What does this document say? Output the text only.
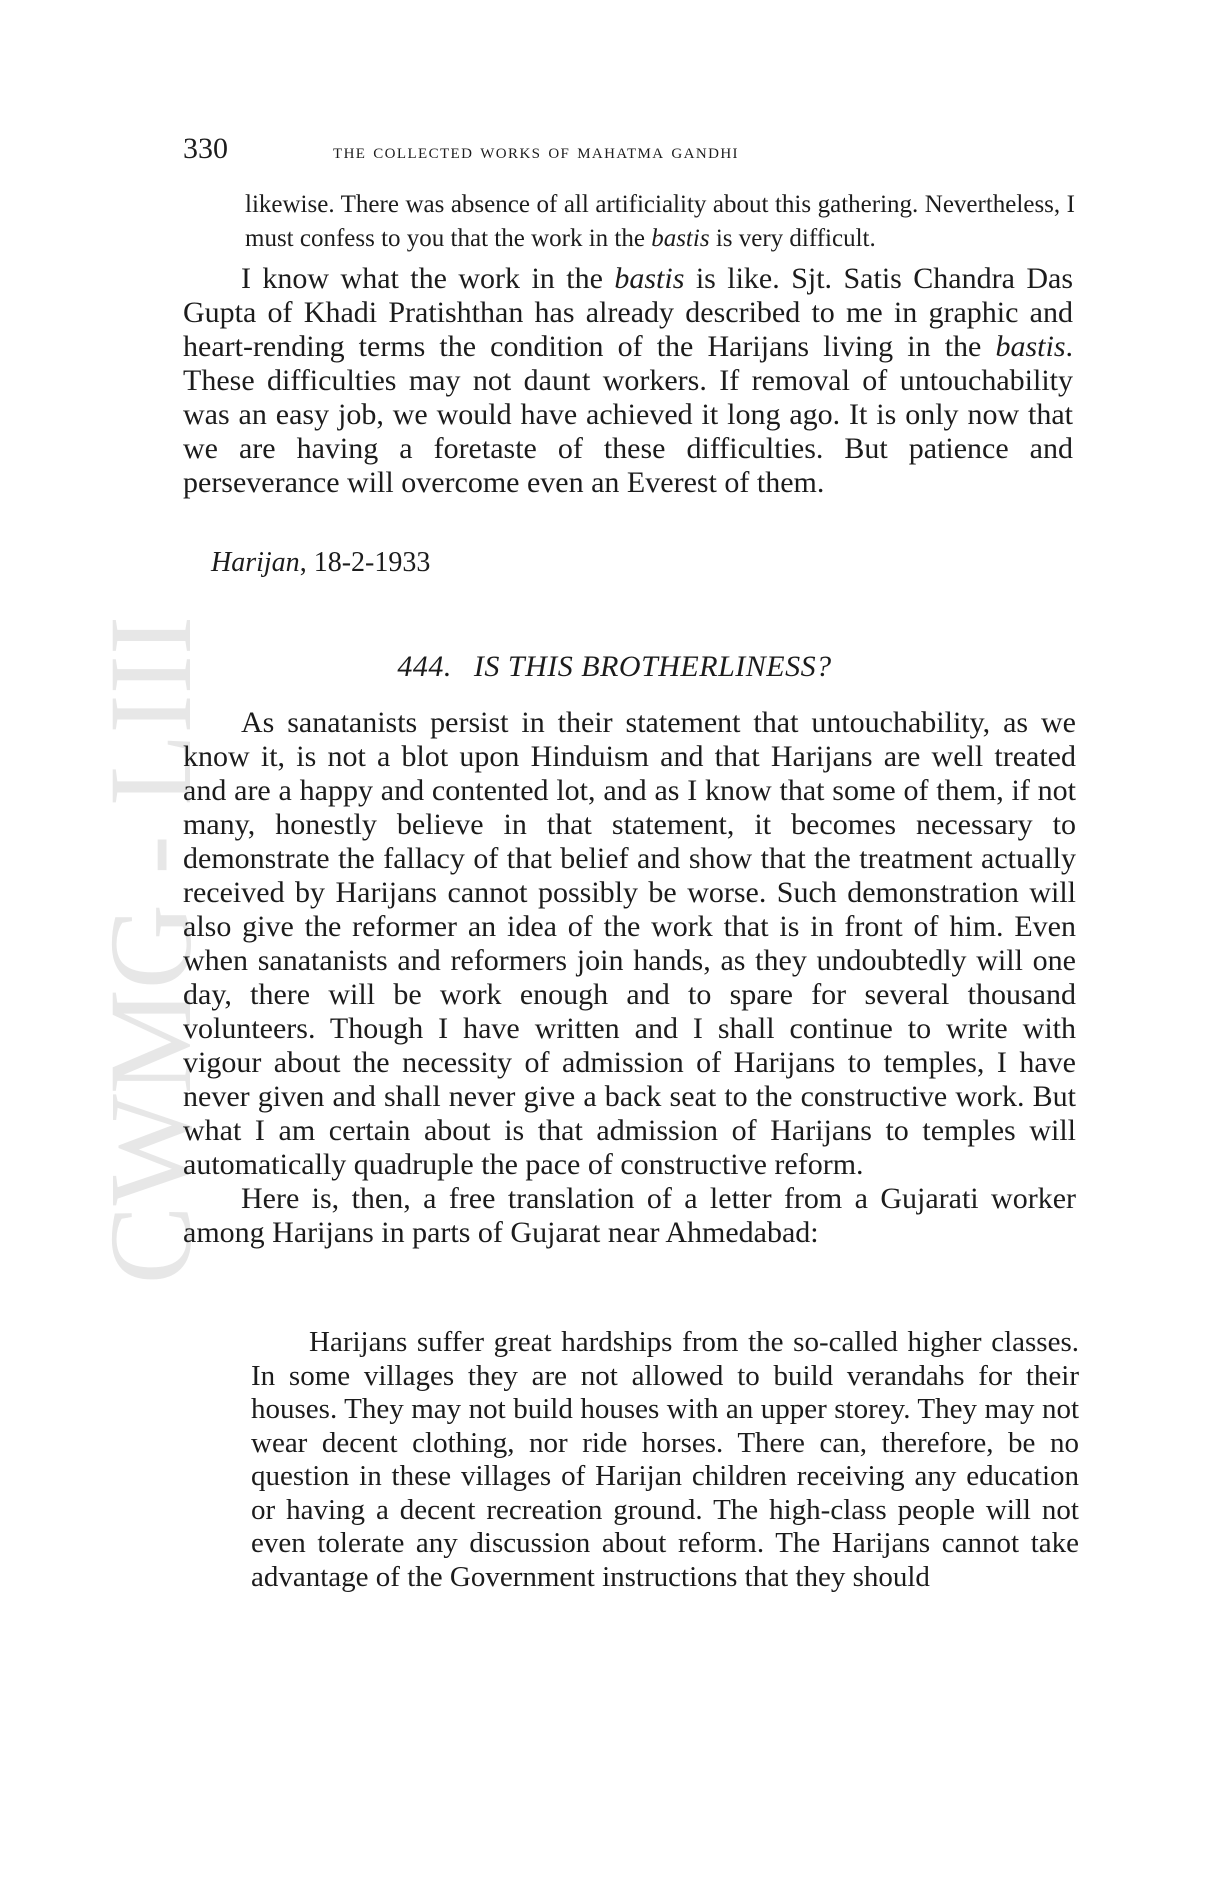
CWMG - LIII
330	the collected works of mahatma gandhi

likewise. There was absence of all artificiality about this gathering. Nevertheless, I must confess to you that the work in the bastis is very difficult.

I know what the work in the bastis is like. Sjt. Satis Chandra Das Gupta of Khadi Pratishthan has already described to me in graphic and heart-rending terms the condition of the Harijans living in the bastis. These difficulties may not daunt workers. If removal of untouchability was an easy job, we would have achieved it long ago. It is only now that we are having a foretaste of these difficulties. But patience and perseverance will overcome even an Everest of them.

Harijan, 18-2-1933
444. IS THIS BROTHERLINESS?

As sanatanists persist in their statement that untouchability, as we know it, is not a blot upon Hinduism and that Harijans are well treated and are a happy and contented lot, and as I know that some of them, if not many, honestly believe in that statement, it becomes necessary to demonstrate the fallacy of that belief and show that the treatment actually received by Harijans cannot possibly be worse. Such demonstration will also give the reformer an idea of the work that is in front of him. Even when sanatanists and reformers join hands, as they undoubtedly will one day, there will be work enough and to spare for several thousand volunteers. Though I have written and I shall continue to write with vigour about the necessity of admission of Harijans to temples, I have never given and shall never give a back seat to the constructive work. But what I am certain about is that admission of Harijans to temples will automatically quadruple the pace of constructive reform.

Here is, then, a free translation of a letter from a Gujarati worker among Harijans in parts of Gujarat near Ahmedabad:

Harijans suffer great hardships from the so-called higher classes. In some villages they are not allowed to build verandahs for their houses. They may not build houses with an upper storey. They may not wear decent clothing, nor ride horses. There can, therefore, be no question in these villages of Harijan children receiving any education or having a decent recreation ground. The high-class people will not even tolerate any discussion about reform. The Harijans cannot take advantage of the Government instructions that they should
